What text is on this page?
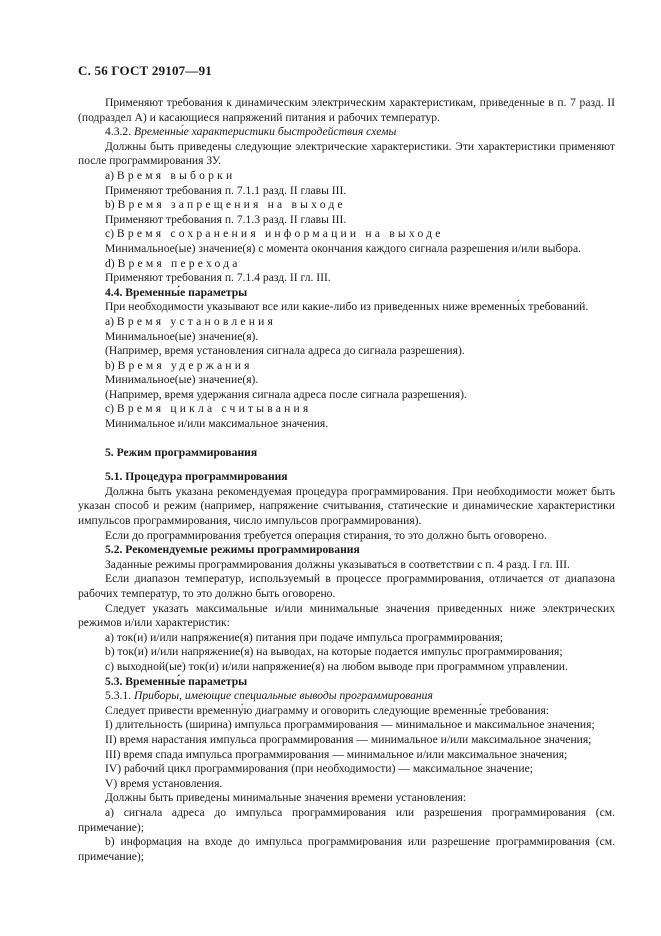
С. 56 ГОСТ 29107—91

Применяют требования к динамическим электрическим характеристикам, приведенные в п. 7 разд. II (подраздел А) и касающиеся напряжений питания и рабочих температур.

4.3.2. Временны́е характеристики быстродействия схемы

Должны быть приведены следующие электрические характеристики. Эти характеристики применяют после программирования ЗУ.

а) Время выборки

Применяют требования п. 7.1.1 разд. II главы III.

b) Время запрещения на выходе

Применяют требования п. 7.1.3 разд. II главы III.

с) Время сохранения информации на выходе

Минимальное(ые) значение(я) с момента окончания каждого сигнала разрешения и/или выбора.

d) Время перехода

Применяют требования п. 7.1.4 разд. II гл. III.

4.4. Временны́е параметры

При необходимости указывают все или какие-либо из приведенных ниже временны́х требований.

а) Время установления

Минимальное(ые) значение(я).

(Например, время установления сигнала адреса до сигнала разрешения).

b) Время удержания

Минимальное(ые) значение(я).

(Например, время удержания сигнала адреса после сигнала разрешения).

с) Время цикла считывания

Минимальное и/или максимальное значения.

5. Режим программирования

5.1. Процедура программирования

Должна быть указана рекомендуемая процедура программирования. При необходимости может быть указан способ и режим (например, напряжение считывания, статические и динамические характеристики импульсов программирования, число импульсов программирования).

Если до программирования требуется операция стирания, то это должно быть оговорено.

5.2. Рекомендуемые режимы программирования

Заданные режимы программирования должны указываться в соответствии с п. 4 разд. I гл. III.

Если диапазон температур, используемый в процессе программирования, отличается от диапазона рабочих температур, то это должно быть оговорено.

Следует указать максимальные и/или минимальные значения приведенных ниже электрических режимов и/или характеристик:

а) ток(и) и/или напряжение(я) питания при подаче импульса программирования;

b) ток(и) и/или напряжение(я) на выводах, на которые подается импульс программирования;

с) выходной(ые) ток(и) и/или напряжение(я) на любом выводе при программном управлении.

5.3. Временны́е параметры

5.3.1. Приборы, имеющие специальные выводы программирования

Следует привести временну́ю диаграмму и оговорить следующие временны́е требования:

I) длительность (ширина) импульса программирования — минимальное и максимальное значения;

II) время нарастания импульса программирования — минимальное и/или максимальное значения;

III) время спада импульса программирования — минимальное и/или максимальное значения;

IV) рабочий цикл программирования (при необходимости) — максимальное значение;

V) время установления.

Должны быть приведены минимальные значения времени установления:

а) сигнала адреса до импульса программирования или разрешения программирования (см. примечание);

b) информация на входе до импульса программирования или разрешение программирования (см. примечание);
